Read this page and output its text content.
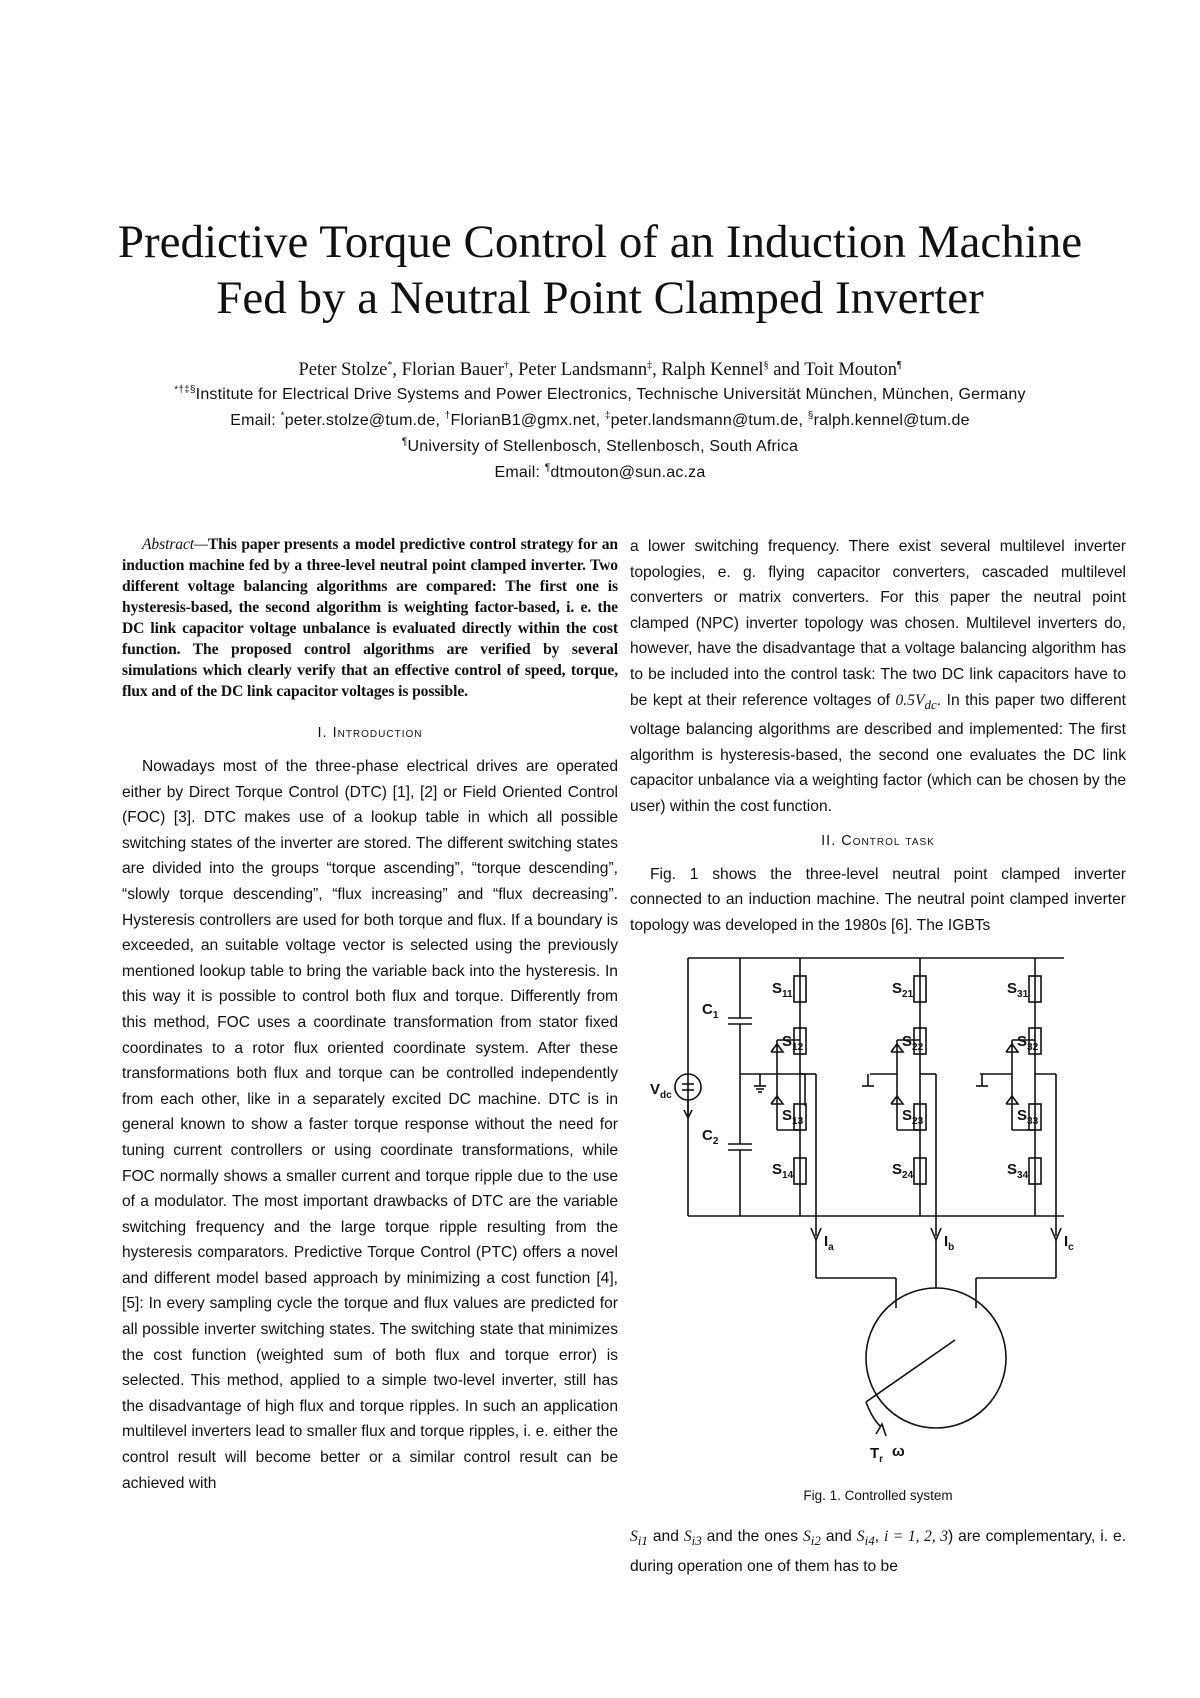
Predictive Torque Control of an Induction Machine
Fed by a Neutral Point Clamped Inverter
Peter Stolze*, Florian Bauer†, Peter Landsmann‡, Ralph Kennel§ and Toit Mouton¶
*†‡§Institute for Electrical Drive Systems and Power Electronics, Technische Universität München, München, Germany
Email: *peter.stolze@tum.de, †FlorianB1@gmx.net, ‡peter.landsmann@tum.de, §ralph.kennel@tum.de
¶University of Stellenbosch, Stellenbosch, South Africa
Email: ¶dtmouton@sun.ac.za

Abstract—This paper presents a model predictive control strategy for an induction machine fed by a three-level neutral point clamped inverter. Two different voltage balancing algorithms are compared: The first one is hysteresis-based, the second algorithm is weighting factor-based, i. e. the DC link capacitor voltage unbalance is evaluated directly within the cost function. The proposed control algorithms are verified by several simulations which clearly verify that an effective control of speed, torque, flux and of the DC link capacitor voltages is possible.

I. Introduction

Nowadays most of the three-phase electrical drives are operated either by Direct Torque Control (DTC) [1], [2] or Field Oriented Control (FOC) [3]. DTC makes use of a lookup table in which all possible switching states of the inverter are stored. The different switching states are divided into the groups “torque ascending”, “torque descending”, “slowly torque descending”, “flux increasing” and “flux decreasing”. Hysteresis controllers are used for both torque and flux. If a boundary is exceeded, an suitable voltage vector is selected using the previously mentioned lookup table to bring the variable back into the hysteresis. In this way it is possible to control both flux and torque. Differently from this method, FOC uses a coordinate transformation from stator fixed coordinates to a rotor flux oriented coordinate system. After these transformations both flux and torque can be controlled independently from each other, like in a separately excited DC machine. DTC is in general known to show a faster torque response without the need for tuning current controllers or using coordinate transformations, while FOC normally shows a smaller current and torque ripple due to the use of a modulator. The most important drawbacks of DTC are the variable switching frequency and the large torque ripple resulting from the hysteresis comparators. Predictive Torque Control (PTC) offers a novel and different model based approach by minimizing a cost function [4], [5]: In every sampling cycle the torque and flux values are predicted for all possible inverter switching states. The switching state that minimizes the cost function (weighted sum of both flux and torque error) is selected. This method, applied to a simple two-level inverter, still has the disadvantage of high flux and torque ripples. In such an application multilevel inverters lead to smaller flux and torque ripples, i. e. either the control result will become better or a similar control result can be achieved with

a lower switching frequency. There exist several multilevel inverter topologies, e. g. flying capacitor converters, cascaded multilevel converters or matrix converters. For this paper the neutral point clamped (NPC) inverter topology was chosen. Multilevel inverters do, however, have the disadvantage that a voltage balancing algorithm has to be included into the control task: The two DC link capacitors have to be kept at their reference voltages of $0.5V_{dc}$. In this paper two different voltage balancing algorithms are described and implemented: The first algorithm is hysteresis-based, the second one evaluates the DC link capacitor unbalance via a weighting factor (which can be chosen by the user) within the cost function.

II. Control task

Fig. 1 shows the three-level neutral point clamped inverter connected to an induction machine. The neutral point clamped inverter topology was developed in the 1980s [6]. The IGBTs

$C_1$
$C_2$
$V_{dc}$
$S_{11}$
$S_{12}$
$S_{13}$
$S_{14}$
$S_{21}$
$S_{22}$
$S_{23}$
$S_{24}$
$S_{31}$
$S_{32}$
$S_{33}$
$S_{34}$
$I_a$	$I_b$	$I_c$
$T_r$ ω
Fig. 1. Controlled system
$S_{i1}$ and $S_{i3}$ and the ones $S_{i2}$ and $S_{i4}$, i = 1, 2, 3) are complementary, i. e. during operation one of them has to be
